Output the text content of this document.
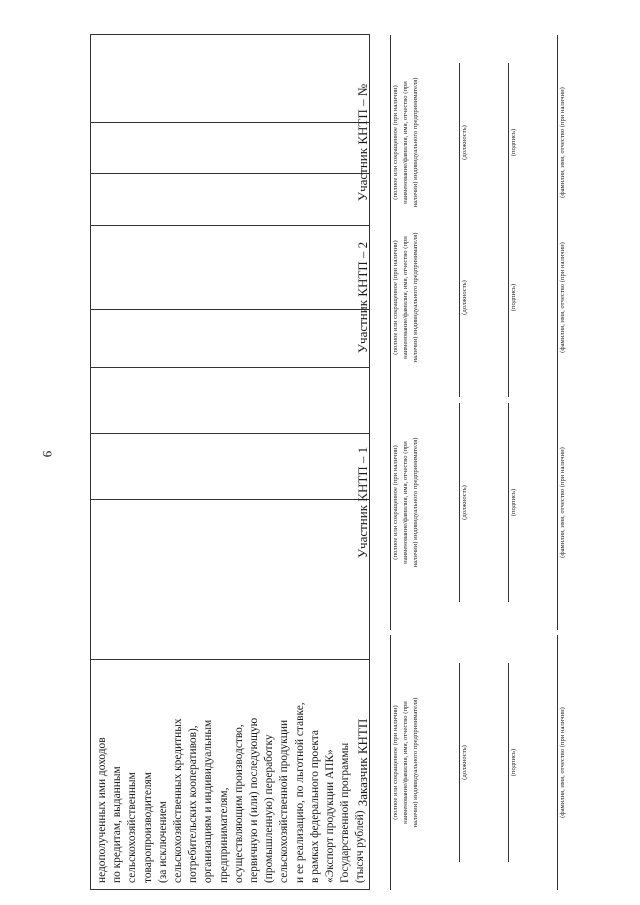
9
недополученных ими доходов по кредитам, выданным сельскохозяйственным товаропроизводителям (за исключением сельскохозяйственных кредитных потребительских кооперативов), организациям и индивидуальным предпринимателям, осуществляющим производство, первичную и (или) последующую (промышленную) переработку сельскохозяйственной продукции и ее реализацию, по льготной ставке, в рамках федерального проекта «Экспорт продукции АПК» Государственной программы (тысяч рублей)

Заказчик КНТП	(полное или сокращенное (при наличии) наименование/фамилия, имя, отчество (при наличии) индивидуального предпринимателя)	(должность)	(подпись)	(фамилия, имя, отчество (при наличии)
Участник КНТП – 1	(полное или сокращенное (при наличии) наименование/фамилия, имя, отчество (при наличии) индивидуального предпринимателя)	(должность)	(подпись)	(фамилия, имя, отчество (при наличии)
Участник КНТП – 2	(полное или сокращенное (при наличии) наименование/фамилия, имя, отчество (при наличии) индивидуального предпринимателя)	(должность)	(подпись)	(фамилия, имя, отчество (при наличии)
Участник КНТП – №	(полное или сокращенное (при наличии) наименование/фамилия, имя, отчество (при наличии) индивидуального предпринимателя)	(должность)	(подпись)	(фамилия, имя, отчество (при наличии)
